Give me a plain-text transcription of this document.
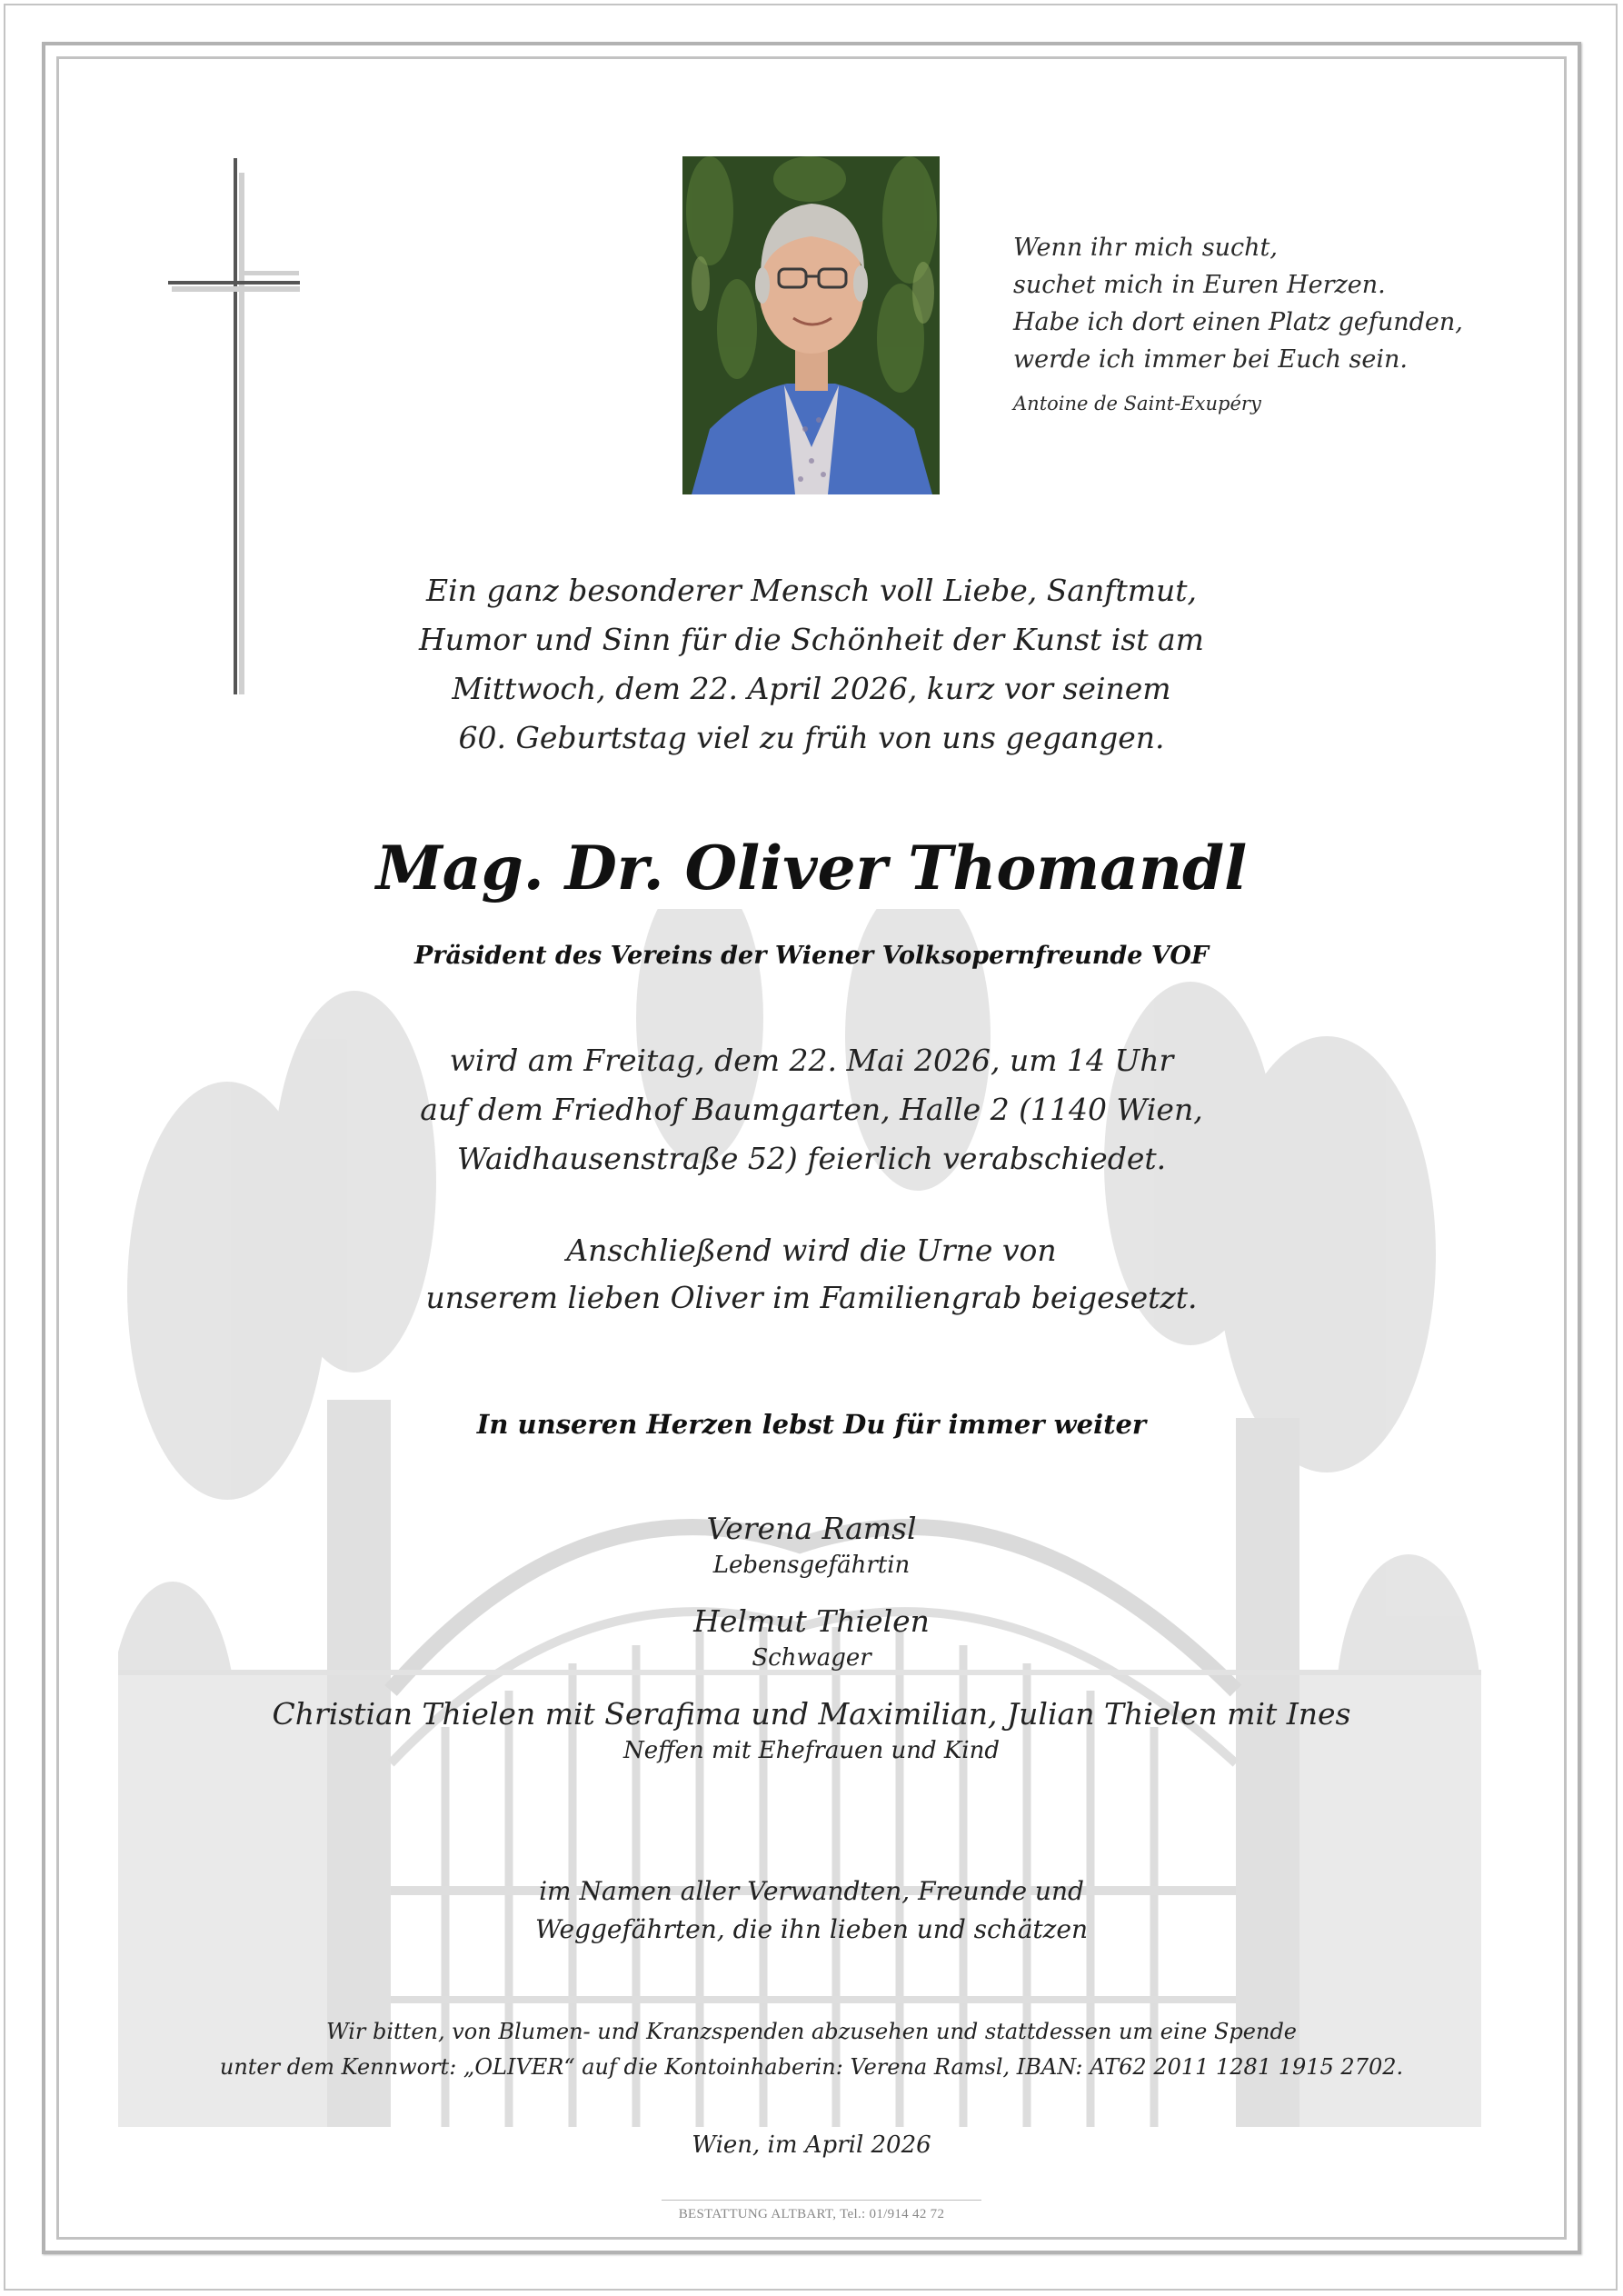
Wenn ihr mich sucht,
suchet mich in Euren Herzen.
Habe ich dort einen Platz gefunden,
werde ich immer bei Euch sein.
Antoine de Saint-Exupéry
Ein ganz besonderer Mensch voll Liebe, Sanftmut,
Humor und Sinn für die Schönheit der Kunst ist am
Mittwoch, dem 22. April 2026, kurz vor seinem
60. Geburtstag viel zu früh von uns gegangen.
Mag. Dr. Oliver Thomandl
Präsident des Vereins der Wiener Volksopernfreunde VOF
wird am Freitag, dem 22. Mai 2026, um 14 Uhr
auf dem Friedhof Baumgarten, Halle 2 (1140 Wien,
Waidhausenstraße 52) feierlich verabschiedet.
Anschließend wird die Urne von
unserem lieben Oliver im Familiengrab beigesetzt.
In unseren Herzen lebst Du für immer weiter
Verena Ramsl
Lebensgefährtin
Helmut Thielen
Schwager
Christian Thielen mit Serafima und Maximilian, Julian Thielen mit Ines
Neffen mit Ehefrauen und Kind
im Namen aller Verwandten, Freunde und
Weggefährten, die ihn lieben und schätzen
Wir bitten, von Blumen- und Kranzspenden abzusehen und stattdessen um eine Spende
unter dem Kennwort: „OLIVER“ auf die Kontoinhaberin: Verena Ramsl, IBAN: AT62 2011 1281 1915 2702.
Wien, im April 2026
BESTATTUNG ALTBART, Tel.: 01/914 42 72
